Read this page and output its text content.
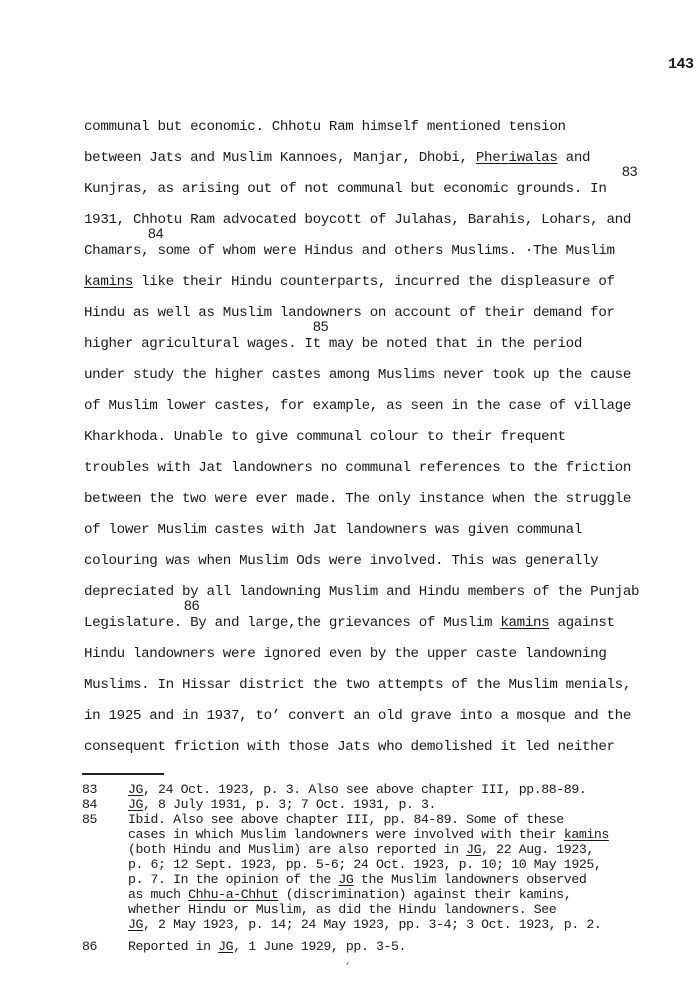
143
communal but economic. Chhotu Ram himself mentioned tension
between Jats and Muslim Kannoes, Manjar, Dhobi, Pheriwalas and
83
Kunjras, as arising out of not communal but economic grounds. In
1931, Chhotu Ram advocated boycott of Julahas, Barahis, Lohars, and
84
Chamars, some of whom were Hindus and others Muslims. ·The Muslim
kamins like their Hindu counterparts, incurred the displeasure of
Hindu as well as Muslim landowners on account of their demand for
85
higher agricultural wages. It may be noted that in the period
under study the higher castes among Muslims never took up the cause
of Muslim lower castes, for example, as seen in the case of village
Kharkhoda. Unable to give communal colour to their frequent
troubles with Jat landowners no communal references to the friction
between the two were ever made. The only instance when the struggle
of lower Muslim castes with Jat landowners was given communal
colouring was when Muslim Ods were involved. This was generally
depreciated by all landowning Muslim and Hindu members of the Punjab
86
Legislature. By and large,the grievances of Muslim kamins against
Hindu landowners were ignored even by the upper caste landowning
Muslims. In Hissar district the two attempts of the Muslim menials,
in 1925 and in 1937, to’ convert an old grave into a mosque and the
consequent friction with those Jats who demolished it led neither
83 JG, 24 Oct. 1923, p. 3. Also see above chapter III, pp.88-89.
84 JG, 8 July 1931, p. 3; 7 Oct. 1931, p. 3.
85 Ibid. Also see above chapter III, pp. 84-89. Some of these
cases in which Muslim landowners were involved with their kamins
(both Hindu and Muslim) are also reported in JG, 22 Aug. 1923,
p. 6; 12 Sept. 1923, pp. 5-6; 24 Oct. 1923, p. 10; 10 May 1925,
p. 7. In the opinion of the JG the Muslim landowners observed
as much Chhu-a-Chhut (discrimination) against their kamins,
whether Hindu or Muslim, as did the Hindu landowners. See
JG, 2 May 1923, p. 14; 24 May 1923, pp. 3-4; 3 Oct. 1923, p. 2.
86 Reported in JG, 1 June 1929, pp. 3-5.
